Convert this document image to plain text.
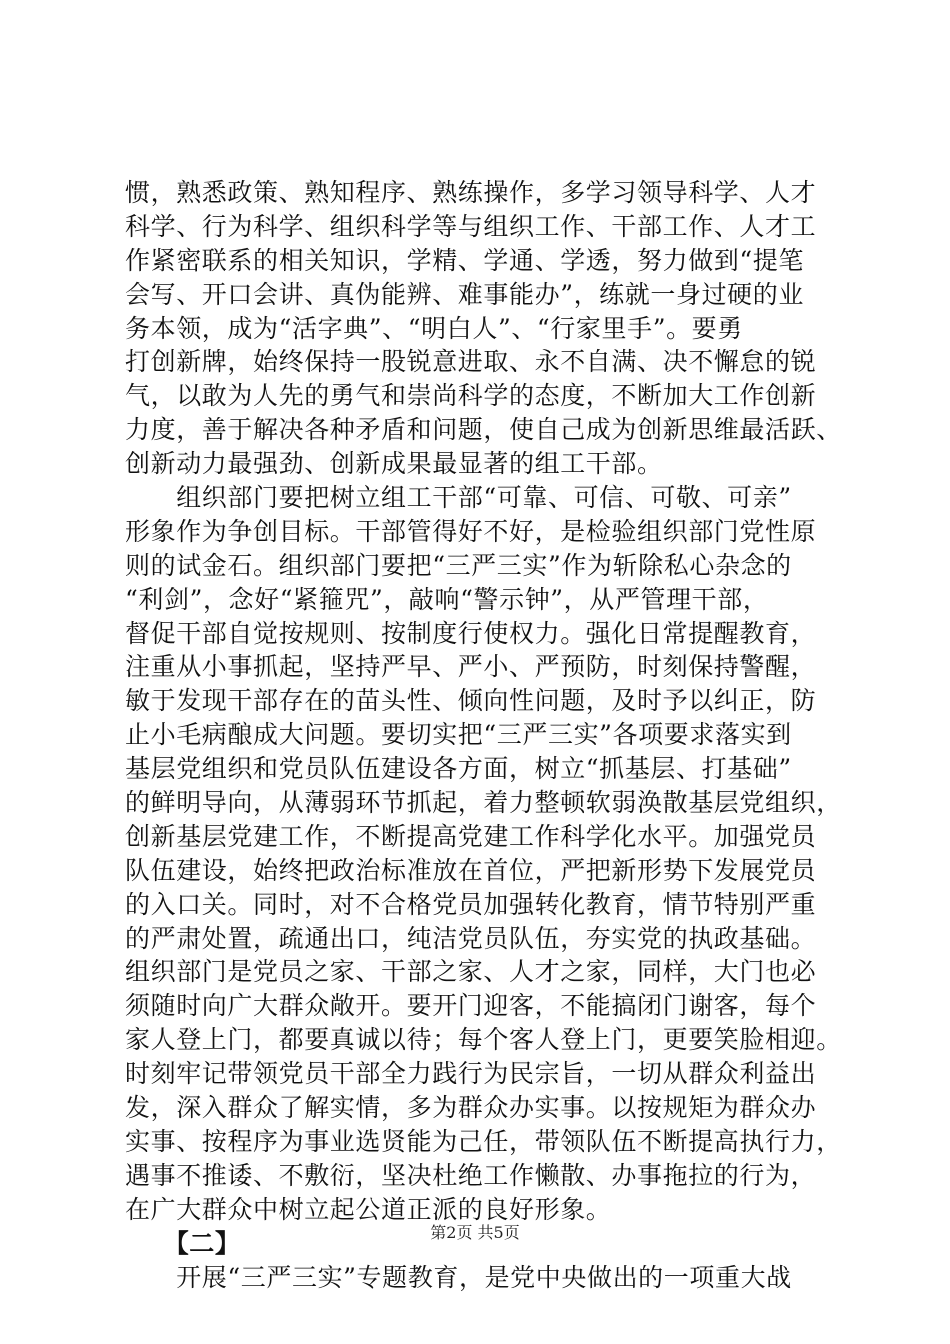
惯，熟悉政策、熟知程序、熟练操作，多学习领导科学、人才
科学、行为科学、组织科学等与组织工作、干部工作、人才工
作紧密联系的相关知识，学精、学通、学透，努力做到“提笔
会写、开口会讲、真伪能辨、难事能办”，练就一身过硬的业
务本领，成为“活字典”、“明白人”、“行家里手”。要勇
打创新牌，始终保持一股锐意进取、永不自满、决不懈怠的锐
气，以敢为人先的勇气和崇尚科学的态度，不断加大工作创新
力度，善于解决各种矛盾和问题，使自己成为创新思维最活跃、
创新动力最强劲、创新成果最显著的组工干部。
　　组织部门要把树立组工干部“可靠、可信、可敬、可亲”
形象作为争创目标。干部管得好不好，是检验组织部门党性原
则的试金石。组织部门要把“三严三实”作为斩除私心杂念的
“利剑”，念好“紧箍咒”，敲响“警示钟”，从严管理干部，
督促干部自觉按规则、按制度行使权力。强化日常提醒教育，
注重从小事抓起，坚持严早、严小、严预防，时刻保持警醒，
敏于发现干部存在的苗头性、倾向性问题，及时予以纠正，防
止小毛病酿成大问题。要切实把“三严三实”各项要求落实到
基层党组织和党员队伍建设各方面，树立“抓基层、打基础”
的鲜明导向，从薄弱环节抓起，着力整顿软弱涣散基层党组织，
创新基层党建工作，不断提高党建工作科学化水平。加强党员
队伍建设，始终把政治标准放在首位，严把新形势下发展党员
的入口关。同时，对不合格党员加强转化教育，情节特别严重
的严肃处置，疏通出口，纯洁党员队伍，夯实党的执政基础。
组织部门是党员之家、干部之家、人才之家，同样，大门也必
须随时向广大群众敞开。要开门迎客，不能搞闭门谢客，每个
家人登上门，都要真诚以待；每个客人登上门，更要笑脸相迎。
时刻牢记带领党员干部全力践行为民宗旨，一切从群众利益出
发，深入群众了解实情，多为群众办实事。以按规矩为群众办
实事、按程序为事业选贤能为己任，带领队伍不断提高执行力，
遇事不推诿、不敷衍，坚决杜绝工作懒散、办事拖拉的行为，
在广大群众中树立起公道正派的良好形象。
　　【二】
　　开展“三严三实”专题教育，是党中央做出的一项重大战
第2页 共5页
